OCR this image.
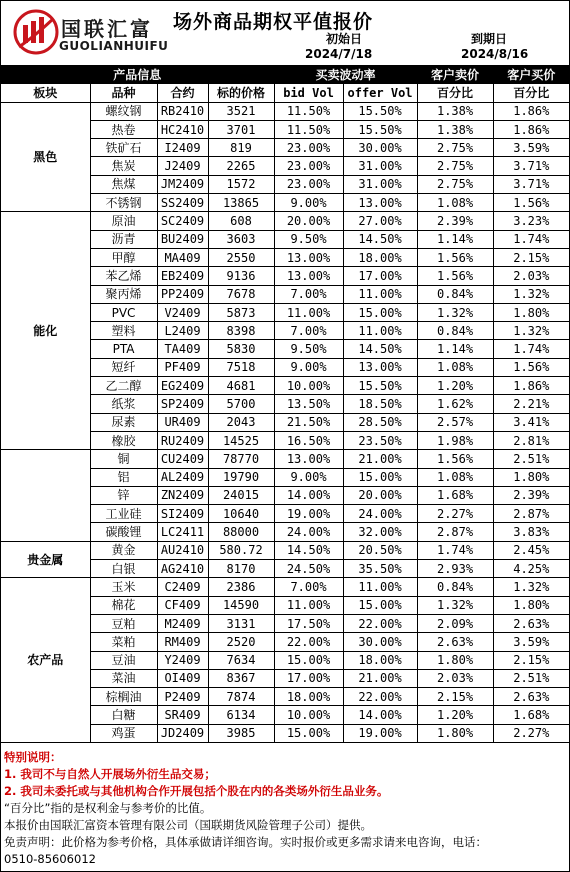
国联汇富
GUOLIANHUIFU
场外商品期权平值报价
初始日
2024/7/18
到期日
2024/8/16
产品信息				买卖波动率		客户卖价	客户买价
板块	品种	合约	标的价格	bid Vol	offer Vol	百分比	百分比
黑色	螺纹钢	RB2410	3521	11.50%	15.50%	1.38%	1.86%
	热卷	HC2410	3701	11.50%	15.50%	1.38%	1.86%
	铁矿石	I2409	819	23.00%	30.00%	2.75%	3.59%
	焦炭	J2409	2265	23.00%	31.00%	2.75%	3.71%
	焦煤	JM2409	1572	23.00%	31.00%	2.75%	3.71%
	不锈钢	SS2409	13865	9.00%	13.00%	1.08%	1.56%
能化	原油	SC2409	608	20.00%	27.00%	2.39%	3.23%
	沥青	BU2409	3603	9.50%	14.50%	1.14%	1.74%
	甲醇	MA409	2550	13.00%	18.00%	1.56%	2.15%
	苯乙烯	EB2409	9136	13.00%	17.00%	1.56%	2.03%
	聚丙烯	PP2409	7678	7.00%	11.00%	0.84%	1.32%
	PVC	V2409	5873	11.00%	15.00%	1.32%	1.80%
	塑料	L2409	8398	7.00%	11.00%	0.84%	1.32%
	PTA	TA409	5830	9.50%	14.50%	1.14%	1.74%
	短纤	PF409	7518	9.00%	13.00%	1.08%	1.56%
	乙二醇	EG2409	4681	10.00%	15.50%	1.20%	1.86%
	纸浆	SP2409	5700	13.50%	18.50%	1.62%	2.21%
	尿素	UR409	2043	21.50%	28.50%	2.57%	3.41%
	橡胶	RU2409	14525	16.50%	23.50%	1.98%	2.81%
	铜	CU2409	78770	13.00%	21.00%	1.56%	2.51%
	铝	AL2409	19790	9.00%	15.00%	1.08%	1.80%
	锌	ZN2409	24015	14.00%	20.00%	1.68%	2.39%
	工业硅	SI2409	10640	19.00%	24.00%	2.27%	2.87%
	碳酸锂	LC2411	88000	24.00%	32.00%	2.87%	3.83%
贵金属	黄金	AU2410	580.72	14.50%	20.50%	1.74%	2.45%
	白银	AG2410	8170	24.50%	35.50%	2.93%	4.25%
农产品	玉米	C2409	2386	7.00%	11.00%	0.84%	1.32%
	棉花	CF409	14590	11.00%	15.00%	1.32%	1.80%
	豆粕	M2409	3131	17.50%	22.00%	2.09%	2.63%
	菜粕	RM409	2520	22.00%	30.00%	2.63%	3.59%
	豆油	Y2409	7634	15.00%	18.00%	1.80%	2.15%
	菜油	OI409	8367	17.00%	21.00%	2.03%	2.51%
	棕榈油	P2409	7874	18.00%	22.00%	2.15%	2.63%
	白糖	SR409	6134	10.00%	14.00%	1.20%	1.68%
	鸡蛋	JD2409	3985	15.00%	19.00%	1.80%	2.27%
特别说明：
1. 我司不与自然人开展场外衍生品交易；
2. 我司未委托或与其他机构合作开展包括个股在内的各类场外衍生品业务。
“百分比”指的是权利金与参考价的比值。
本报价由国联汇富资本管理有限公司（国联期货风险管理子公司）提供。
免责声明：此价格为参考价格，具体承做请详细咨询。实时报价或更多需求请来电咨询，电话：
0510-85606012
